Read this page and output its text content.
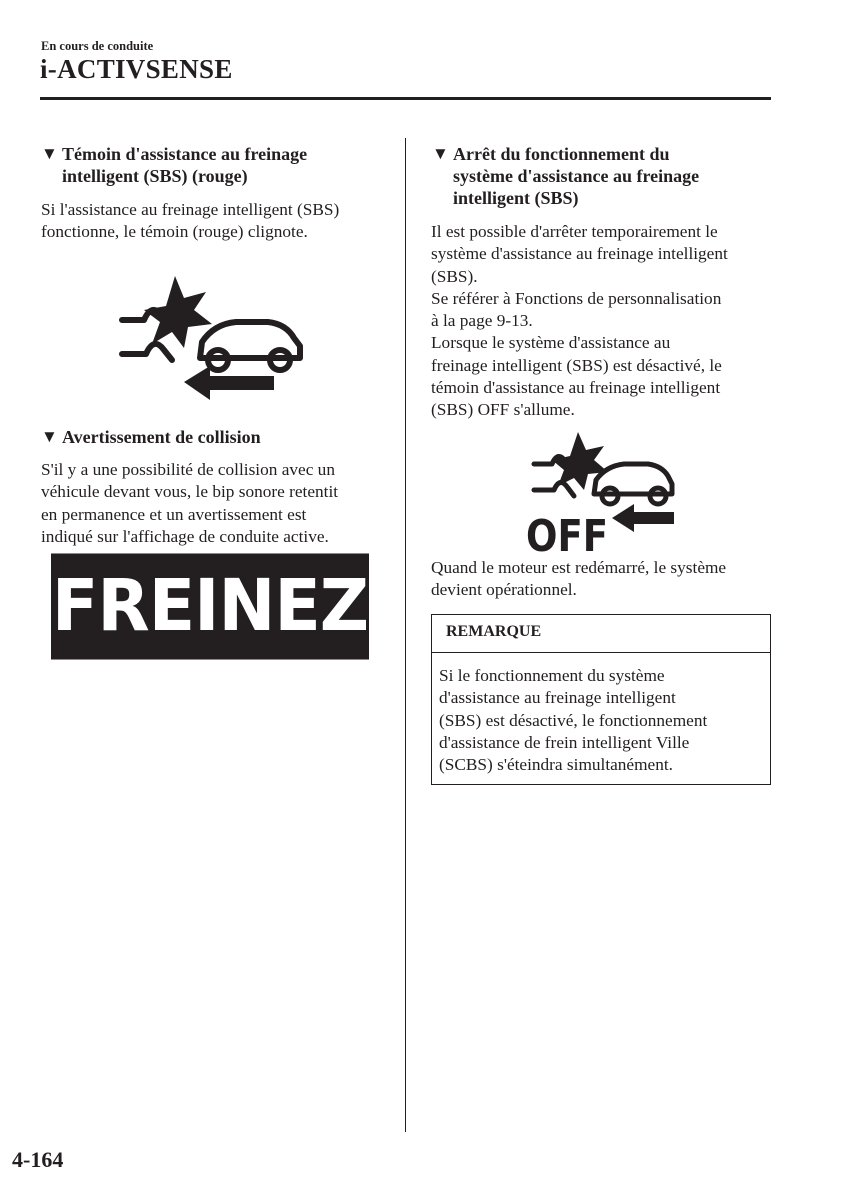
En cours de conduite
i-ACTIVSENSE
▼ Témoin d'assistance au freinage
intelligent (SBS) (rouge)

Si l'assistance au freinage intelligent (SBS)
fonctionne, le témoin (rouge) clignote.

▼ Avertissement de collision

S'il y a une possibilité de collision avec un
véhicule devant vous, le bip sonore retentit
en permanence et un avertissement est
indiqué sur l'affichage de conduite active.

FREINEZ !
▼ Arrêt du fonctionnement du
système d'assistance au freinage
intelligent (SBS)

Il est possible d'arrêter temporairement le
système d'assistance au freinage intelligent
(SBS).
Se référer à Fonctions de personnalisation
à la page 9-13.
Lorsque le système d'assistance au
freinage intelligent (SBS) est désactivé, le
témoin d'assistance au freinage intelligent
(SBS) OFF s'allume.

OFF

Quand le moteur est redémarré, le système
devient opérationnel.

REMARQUE

Si le fonctionnement du système
d'assistance au freinage intelligent
(SBS) est désactivé, le fonctionnement
d'assistance de frein intelligent Ville
(SCBS) s'éteindra simultanément.

4-164
